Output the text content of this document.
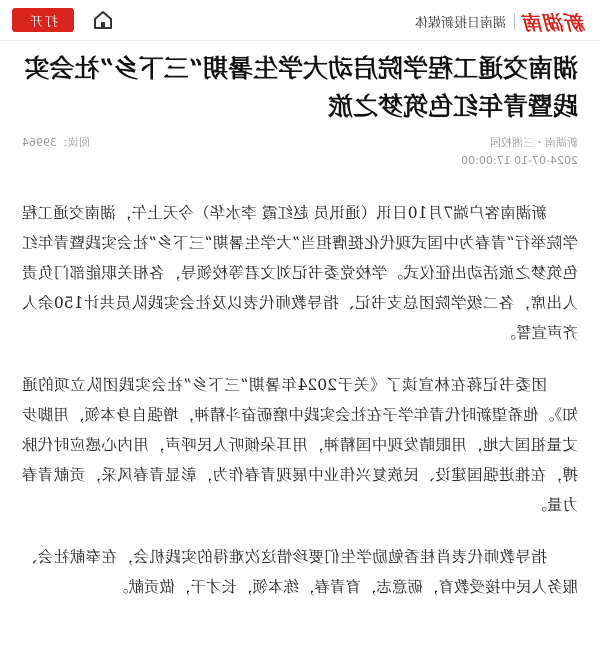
新湖南
湖南日报新媒体
打开
湖南交通工程学院启动大学生暑期“三下乡”社会实践暨青年红色筑梦之旅
新湖南・三湘校园
2024-07-10 17:00:00
阅读：39964

新湖南客户端7月10日讯（通讯员 赵红霞 李水华）今天上午，湖南交通工程学院举行“青春为中国式现代化挺膺担当”大学生暑期“三下乡”社会实践暨青年红色筑梦之旅活动出征仪式。学校党委书记刘文君等校领导，各相关职能部门负责人出席，各二级学院团总支书记、指导教师代表以及社会实践队员共计150余人齐声宣誓。

团委书记蒋在林宣读了《关于2024年暑期“三下乡”社会实践团队立项的通知》。他希望新时代青年学子在社会实践中磨砺奋斗精神，增强自身本领，用脚步丈量祖国大地，用眼睛发现中国精神，用耳朵倾听人民呼声，用内心感应时代脉搏，在推进强国建设、民族复兴伟业中展现青春作为，彰显青春风采，贡献青春力量。

指导教师代表肖桂香勉励学生们要珍惜这次难得的实践机会，在奉献社会、服务人民中接受教育，砺意志，育青春，练本领，长才干，做贡献。
